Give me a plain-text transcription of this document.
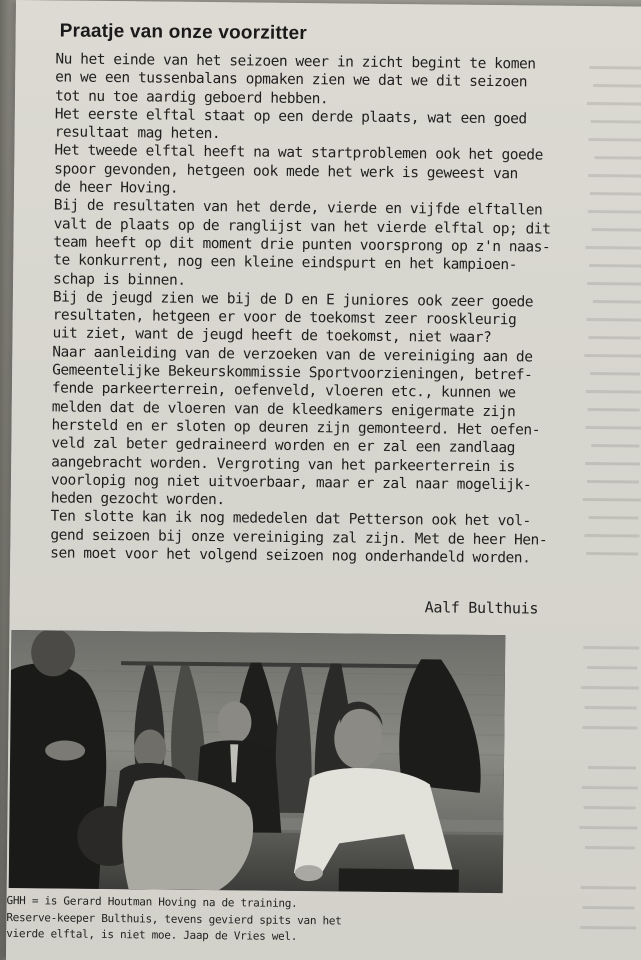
Praatje van onze voorzitter
Nu het einde van het seizoen weer in zicht begint te komen
en we een tussenbalans opmaken zien we dat we dit seizoen
tot nu toe aardig geboerd hebben.
Het eerste elftal staat op een derde plaats, wat een goed
resultaat mag heten.
Het tweede elftal heeft na wat startproblemen ook het goede
spoor gevonden, hetgeen ook mede het werk is geweest van
de heer Hoving.
Bij de resultaten van het derde, vierde en vijfde elftallen
valt de plaats op de ranglijst van het vierde elftal op; dit
team heeft op dit moment drie punten voorsprong op z'n naas-
te konkurrent, nog een kleine eindspurt en het kampioen-
schap is binnen.
Bij de jeugd zien we bij de D en E juniores ook zeer goede
resultaten, hetgeen er voor de toekomst zeer rooskleurig
uit ziet, want de jeugd heeft de toekomst, niet waar?
Naar aanleiding van de verzoeken van de vereiniging aan de
Gemeentelijke Bekeurskommissie Sportvoorzieningen, betref-
fende parkeerterrein, oefenveld, vloeren etc., kunnen we
melden dat de vloeren van de kleedkamers enigermate zijn
hersteld en er sloten op deuren zijn gemonteerd. Het oefen-
veld zal beter gedraineerd worden en er zal een zandlaag
aangebracht worden. Vergroting van het parkeerterrein is
voorlopig nog niet uitvoerbaar, maar er zal naar mogelijk-
heden gezocht worden.
Ten slotte kan ik nog mededelen dat Petterson ook het vol-
gend seizoen bij onze vereiniging zal zijn. Met de heer Hen-
sen moet voor het volgend seizoen nog onderhandeld worden.
Aalf Bulthuis
GHH = is Gerard Houtman Hoving na de training.
Reserve-keeper Bulthuis, tevens gevierd spits van het
vierde elftal, is niet moe. Jaap de Vries wel.
